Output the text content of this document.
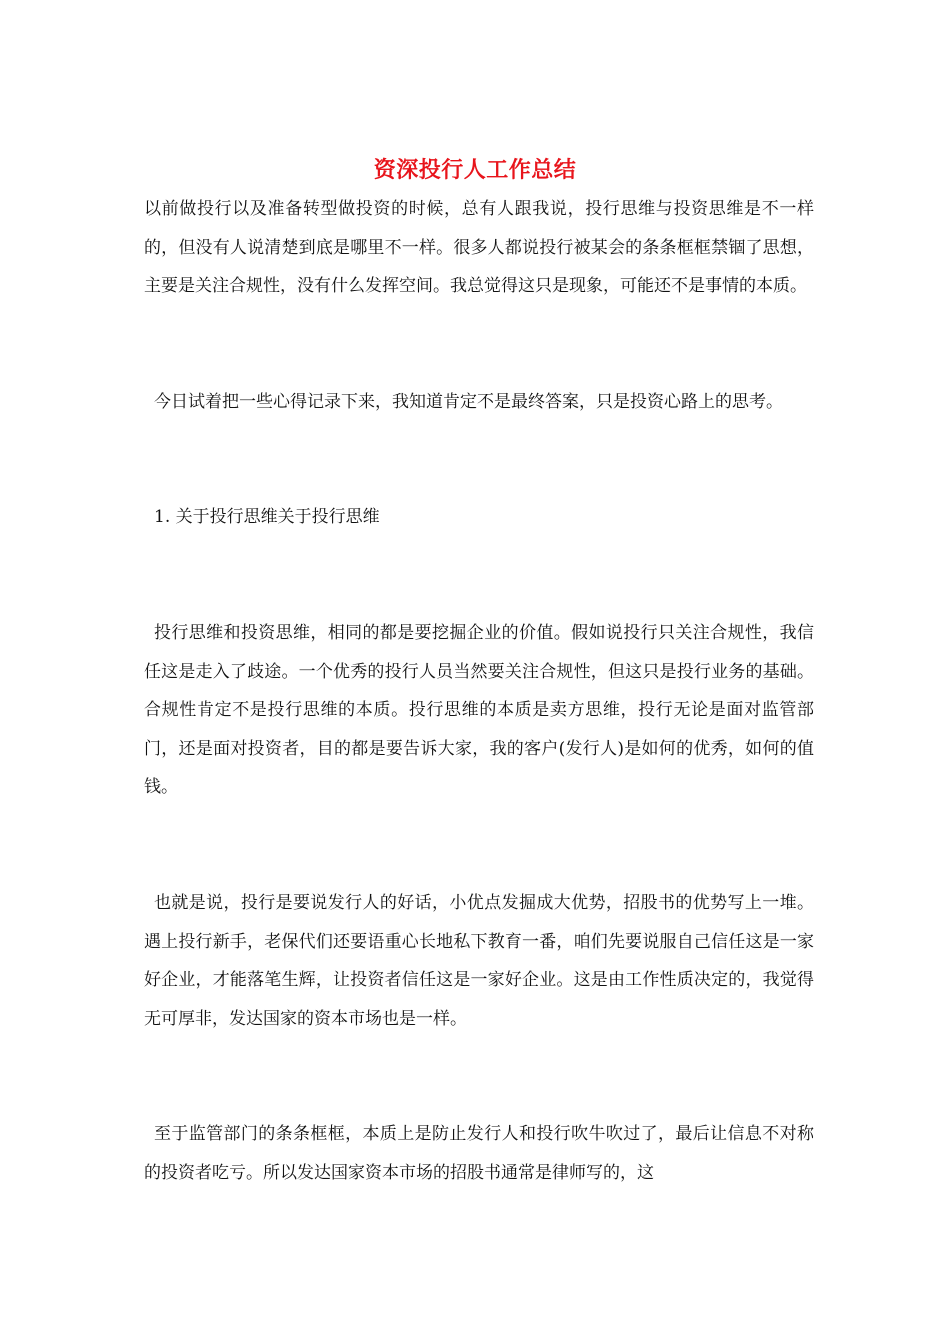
资深投行人工作总结

以前做投行以及准备转型做投资的时候，总有人跟我说，投行思维与投资思维是不一样的，但没有人说清楚到底是哪里不一样。很多人都说投行被某会的条条框框禁锢了思想，主要是关注合规性，没有什么发挥空间。我总觉得这只是现象，可能还不是事情的本质。

今日试着把一些心得记录下来，我知道肯定不是最终答案，只是投资心路上的思考。

1. 关于投行思维关于投行思维

投行思维和投资思维，相同的都是要挖掘企业的价值。假如说投行只关注合规性，我信任这是走入了歧途。一个优秀的投行人员当然要关注合规性，但这只是投行业务的基础。合规性肯定不是投行思维的本质。投行思维的本质是卖方思维，投行无论是面对监管部门，还是面对投资者，目的都是要告诉大家，我的客户(发行人)是如何的优秀，如何的值钱。

也就是说，投行是要说发行人的好话，小优点发掘成大优势，招股书的优势写上一堆。遇上投行新手，老保代们还要语重心长地私下教育一番，咱们先要说服自己信任这是一家好企业，才能落笔生辉，让投资者信任这是一家好企业。这是由工作性质决定的，我觉得无可厚非，发达国家的资本市场也是一样。

至于监管部门的条条框框，本质上是防止发行人和投行吹牛吹过了，最后让信息不对称的投资者吃亏。所以发达国家资本市场的招股书通常是律师写的，这
